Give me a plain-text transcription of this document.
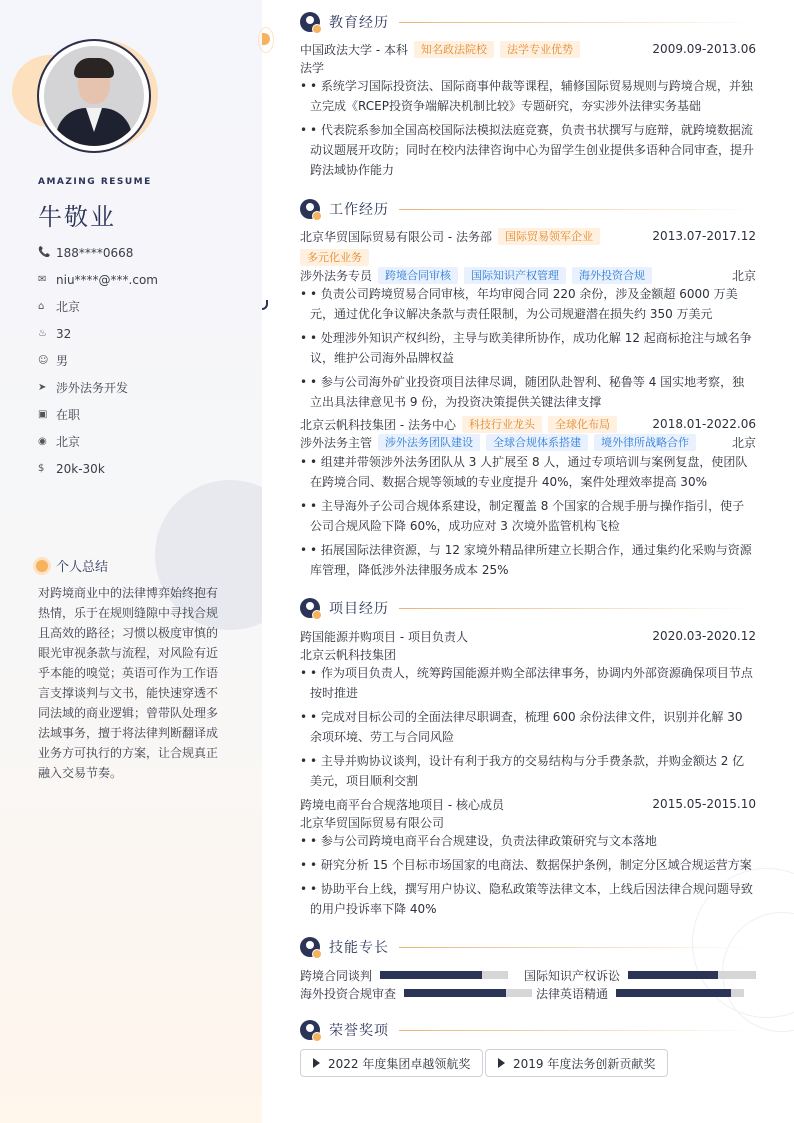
AMAZING RESUME
牛敬业
📞 188****0668
✉ niu****@***.com
⌂ 北京
♨ 32
☺ 男
➤ 涉外法务开发
▣ 在职
◉ 北京
$ 20k-30k
个人总结
对跨境商业中的法律博弈始终抱有热情，乐于在规则缝隙中寻找合规且高效的路径；习惯以极度审慎的眼光审视条款与流程，对风险有近乎本能的嗅觉；英语可作为工作语言支撑谈判与文书，能快速穿透不同法域的商业逻辑；曾带队处理多法域事务，擅于将法律判断翻译成业务方可执行的方案，让合规真正融入交易节奏。
教育经历
中国政法大学 - 本科	知名政法院校	法学专业优势	2009.09-2013.06
法学
• • 系统学习国际投资法、国际商事仲裁等课程，辅修国际贸易规则与跨境合规，并独立完成《RCEP投资争端解决机制比较》专题研究，夯实涉外法律实务基础
• • 代表院系参加全国高校国际法模拟法庭竞赛，负责书状撰写与庭辩，就跨境数据流动议题展开攻防；同时在校内法律咨询中心为留学生创业提供多语种合同审查，提升跨法域协作能力
工作经历
北京华贸国际贸易有限公司 - 法务部	国际贸易领军企业	2013.07-2017.12
多元化业务
涉外法务专员	跨境合同审核	国际知识产权管理	海外投资合规	北京
• • 负责公司跨境贸易合同审核，年均审阅合同 220 余份，涉及金额超 6000 万美元，通过优化争议解决条款与责任限制，为公司规避潜在损失约 350 万美元
• • 处理涉外知识产权纠纷，主导与欧美律所协作，成功化解 12 起商标抢注与域名争议，维护公司海外品牌权益
• • 参与公司海外矿业投资项目法律尽调，随团队赴智利、秘鲁等 4 国实地考察，独立出具法律意见书 9 份，为投资决策提供关键法律支撑
北京云帆科技集团 - 法务中心	科技行业龙头	全球化布局	2018.01-2022.06
涉外法务主管	涉外法务团队建设	全球合规体系搭建	境外律所战略合作	北京
• • 组建并带领涉外法务团队从 3 人扩展至 8 人，通过专项培训与案例复盘，使团队在跨境合同、数据合规等领域的专业度提升 40%，案件处理效率提高 30%
• • 主导海外子公司合规体系建设，制定覆盖 8 个国家的合规手册与操作指引，使子公司合规风险下降 60%，成功应对 3 次境外监管机构飞检
• • 拓展国际法律资源，与 12 家境外精品律所建立长期合作，通过集约化采购与资源库管理，降低涉外法律服务成本 25%
项目经历
跨国能源并购项目 - 项目负责人	2020.03-2020.12
北京云帆科技集团
• • 作为项目负责人，统筹跨国能源并购全部法律事务，协调内外部资源确保项目节点按时推进
• • 完成对目标公司的全面法律尽职调查，梳理 600 余份法律文件，识别并化解 30 余项环境、劳工与合同风险
• • 主导并购协议谈判，设计有利于我方的交易结构与分手费条款，并购金额达 2 亿美元，项目顺利交割
跨境电商平台合规落地项目 - 核心成员	2015.05-2015.10
北京华贸国际贸易有限公司
• • 参与公司跨境电商平台合规建设，负责法律政策研究与文本落地
• • 研究分析 15 个目标市场国家的电商法、数据保护条例，制定分区域合规运营方案
• • 协助平台上线，撰写用户协议、隐私政策等法律文本，上线后因法律合规问题导致的用户投诉率下降 40%
技能专长
跨境合同谈判	国际知识产权诉讼
海外投资合规审查	法律英语精通
荣誉奖项
2022 年度集团卓越领航奖	2019 年度法务创新贡献奖
